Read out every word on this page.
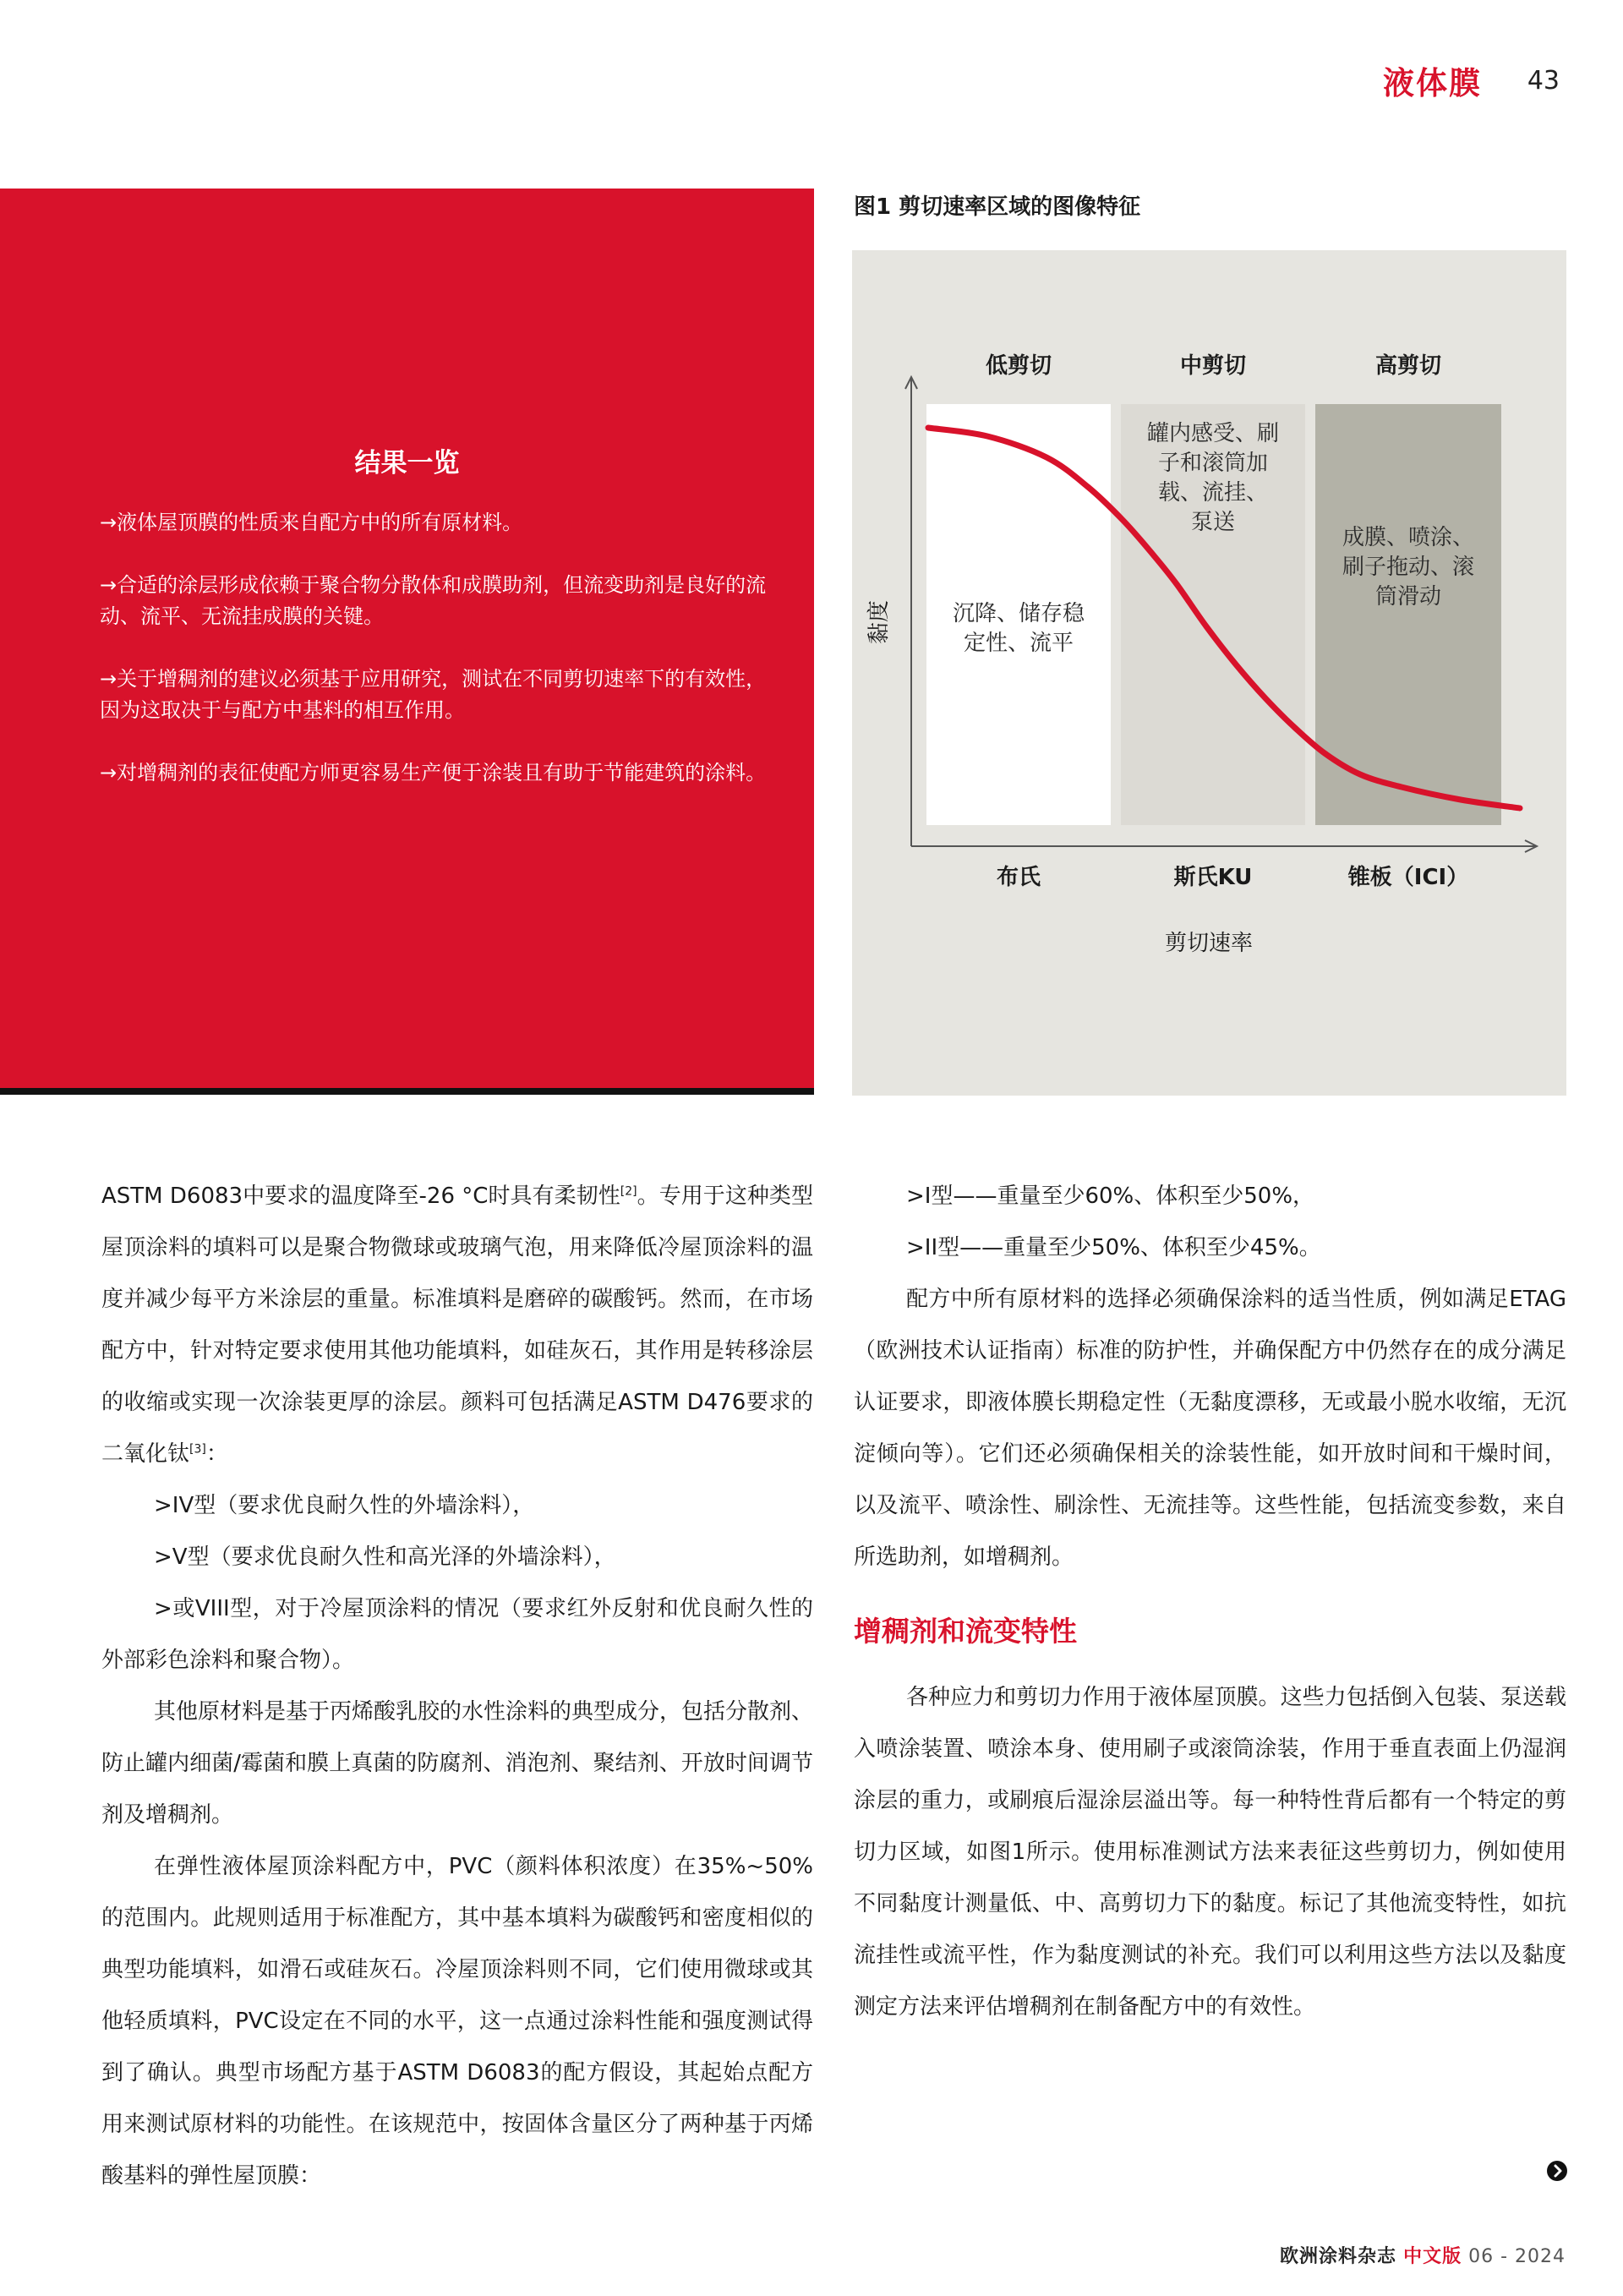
液体膜 43
结果一览
→液体屋顶膜的性质来自配方中的所有原材料。
→合适的涂层形成依赖于聚合物分散体和成膜助剂，但流变助剂是良好的流动、流平、无流挂成膜的关键。
→关于增稠剂的建议必须基于应用研究，测试在不同剪切速率下的有效性，因为这取决于与配方中基料的相互作用。
→对增稠剂的表征使配方师更容易生产便于涂装且有助于节能建筑的涂料。
图1 剪切速率区域的图像特征
低剪切
布氏
沉降、储存稳
定性、流平
中剪切
斯氏KU
罐内感受、刷
子和滚筒加
载、流挂、
泵送
高剪切
锥板（ICI）
成膜、喷涂、
刷子拖动、滚
筒滑动
剪切速率
黏度

ASTM D6083中要求的温度降至-26 °C时具有柔韧性[2]。专用于这种类型屋顶涂料的填料可以是聚合物微球或玻璃气泡，用来降低冷屋顶涂料的温度并减少每平方米涂层的重量。标准填料是磨碎的碳酸钙。然而，在市场配方中，针对特定要求使用其他功能填料，如硅灰石，其作用是转移涂层的收缩或实现一次涂装更厚的涂层。颜料可包括满足ASTM D476要求的二氧化钛[3]：

>IV型（要求优良耐久性的外墙涂料），

>V型（要求优良耐久性和高光泽的外墙涂料），

>或VIII型，对于冷屋顶涂料的情况（要求红外反射和优良耐久性的外部彩色涂料和聚合物）。

其他原材料是基于丙烯酸乳胶的水性涂料的典型成分，包括分散剂、防止罐内细菌/霉菌和膜上真菌的防腐剂、消泡剂、聚结剂、开放时间调节剂及增稠剂。

在弹性液体屋顶涂料配方中，PVC（颜料体积浓度）在35%~50%的范围内。此规则适用于标准配方，其中基本填料为碳酸钙和密度相似的典型功能填料，如滑石或硅灰石。冷屋顶涂料则不同，它们使用微球或其他轻质填料，PVC设定在不同的水平，这一点通过涂料性能和强度测试得到了确认。典型市场配方基于ASTM D6083的配方假设，其起始点配方用来测试原材料的功能性。在该规范中，按固体含量区分了两种基于丙烯酸基料的弹性屋顶膜：

>I型——重量至少60%、体积至少50%，

>II型——重量至少50%、体积至少45%。

配方中所有原材料的选择必须确保涂料的适当性质，例如满足ETAG（欧洲技术认证指南）标准的防护性，并确保配方中仍然存在的成分满足认证要求，即液体膜长期稳定性（无黏度漂移，无或最小脱水收缩，无沉淀倾向等）。它们还必须确保相关的涂装性能，如开放时间和干燥时间，以及流平、喷涂性、刷涂性、无流挂等。这些性能，包括流变参数，来自所选助剂，如增稠剂。

增稠剂和流变特性

各种应力和剪切力作用于液体屋顶膜。这些力包括倒入包装、泵送载入喷涂装置、喷涂本身、使用刷子或滚筒涂装，作用于垂直表面上仍湿润涂层的重力，或刷痕后湿涂层溢出等。每一种特性背后都有一个特定的剪切力区域，如图1所示。使用标准测试方法来表征这些剪切力，例如使用不同黏度计测量低、中、高剪切力下的黏度。标记了其他流变特性，如抗流挂性或流平性，作为黏度测试的补充。我们可以利用这些方法以及黏度测定方法来评估增稠剂在制备配方中的有效性。

欧洲涂料杂志 中文版 06 - 2024
